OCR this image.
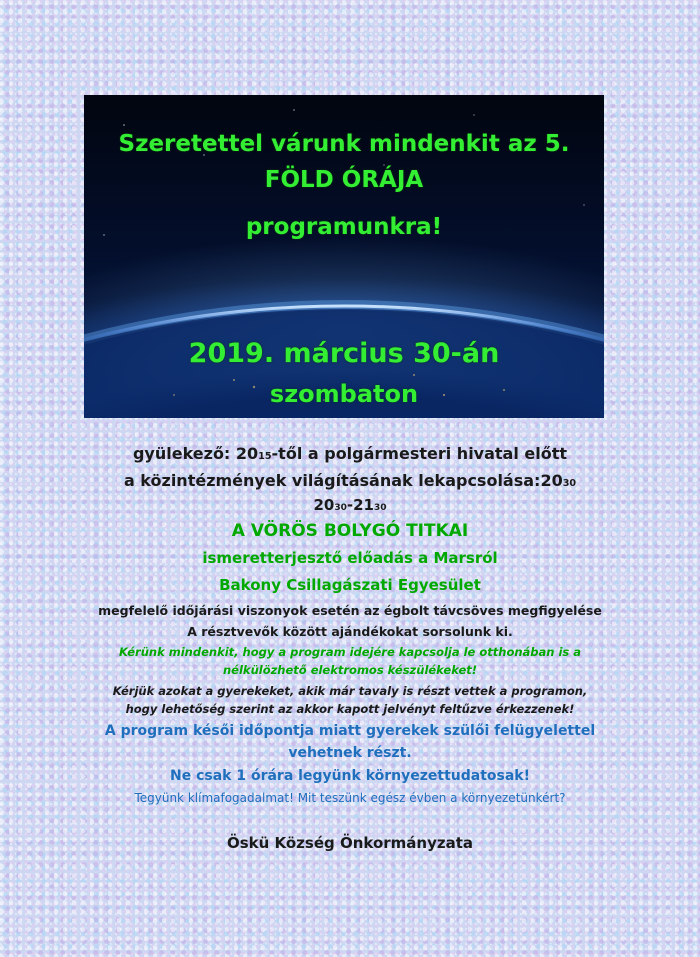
Szeretettel várunk mindenkit az 5.
FÖLD ÓRÁJA
programunkra!
2019. március 30-án
szombaton
gyülekező: $20^{15}$-től a polgármesteri hivatal előtt
a közintézmények világításának $lekapcsolása:20^{30}$
$20^{30}-21^{30}$
A VÖRÖS BOLYGÓ TITKAI
ismeretterjesztő előadás a Marsról
Bakony Csillagászati Egyesület
megfelelő időjárási viszonyok esetén az égbolt távcsöves megfigyelése
A résztvevők között ajándékokat sorsolunk ki.
Kérünk mindenkit, hogy a program idejére kapcsolja le otthonában is a
nélkülözhető elektromos készülékeket!
Kérjük azokat a gyerekeket, akik már tavaly is részt vettek a programon,
hogy lehetőség szerint az akkor kapott jelvényt feltűzve érkezzenek!
A program késői időpontja miatt gyerekek szülői felügyelettel
vehetnek részt.
Ne csak 1 órára legyünk környezettudatosak!
Tegyünk klímafogadalmat! Mit teszünk egész évben a környezetünkért?
Öskü Község Önkormányzata
